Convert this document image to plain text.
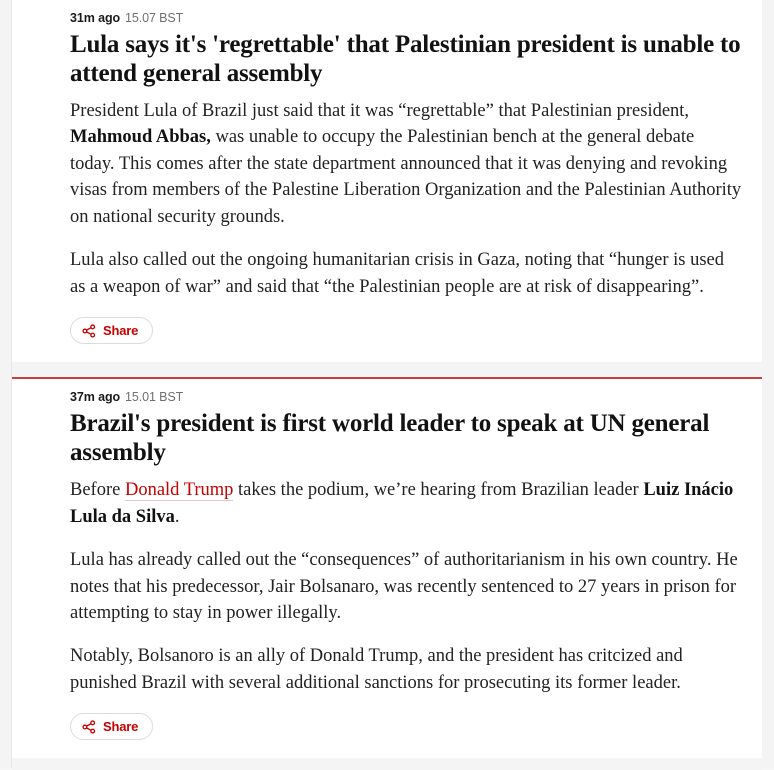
31m ago 15.07 BST
Lula says it's 'regrettable' that Palestinian president is unable to attend general assembly

President Lula of Brazil just said that it was “regrettable” that Palestinian president, Mahmoud Abbas, was unable to occupy the Palestinian bench at the general debate today. This comes after the state department announced that it was denying and revoking visas from members of the Palestine Liberation Organization and the Palestinian Authority on national security grounds.

Lula also called out the ongoing humanitarian crisis in Gaza, noting that “hunger is used as a weapon of war” and said that “the Palestinian people are at risk of disappearing”.

Share
37m ago 15.01 BST
Brazil's president is first world leader to speak at UN general assembly

Before Donald Trump takes the podium, we’re hearing from Brazilian leader Luiz Inácio Lula da Silva.

Lula has already called out the “consequences” of authoritarianism in his own country. He notes that his predecessor, Jair Bolsanaro, was recently sentenced to 27 years in prison for attempting to stay in power illegally.

Notably, Bolsanoro is an ally of Donald Trump, and the president has critcized and punished Brazil with several additional sanctions for prosecuting its former leader.

Share
